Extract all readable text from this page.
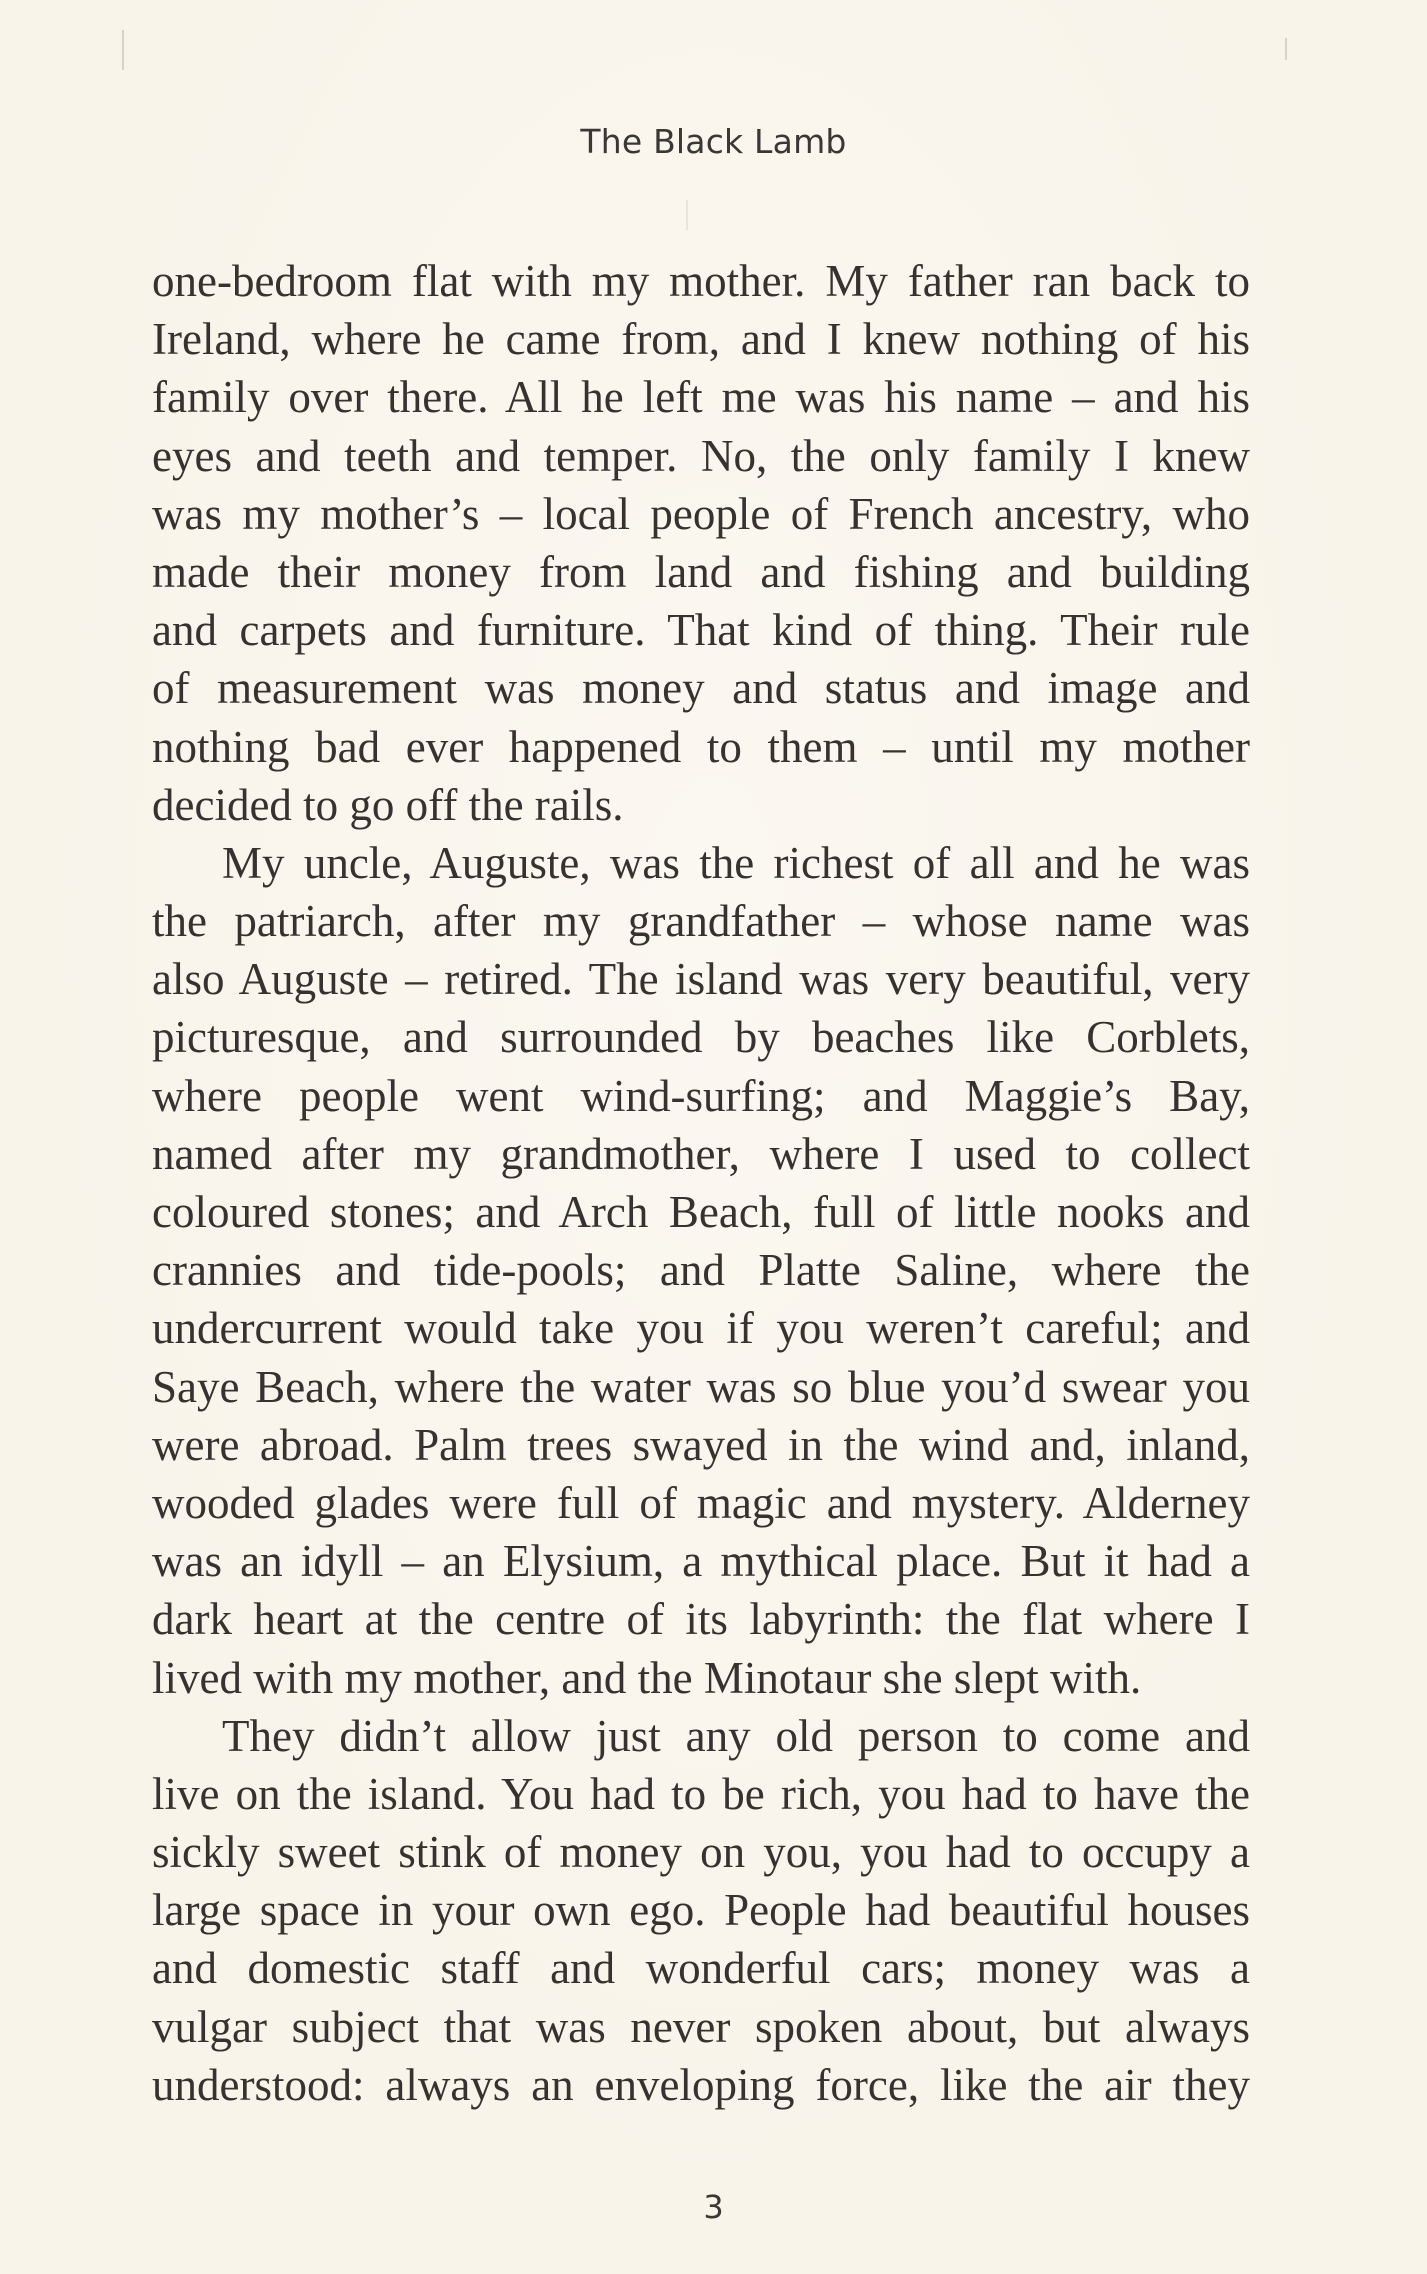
The Black Lamb
one-bedroom flat with my mother. My father ran back to
Ireland, where he came from, and I knew nothing of his
family over there. All he left me was his name – and his
eyes and teeth and temper. No, the only family I knew
was my mother’s – local people of French ancestry, who
made their money from land and fishing and building
and carpets and furniture. That kind of thing. Their rule
of measurement was money and status and image and
nothing bad ever happened to them – until my mother
decided to go off the rails.
My uncle, Auguste, was the richest of all and he was
the patriarch, after my grandfather – whose name was
also Auguste – retired. The island was very beautiful, very
picturesque, and surrounded by beaches like Corblets,
where people went wind-surfing; and Maggie’s Bay,
named after my grandmother, where I used to collect
coloured stones; and Arch Beach, full of little nooks and
crannies and tide-pools; and Platte Saline, where the
undercurrent would take you if you weren’t careful; and
Saye Beach, where the water was so blue you’d swear you
were abroad. Palm trees swayed in the wind and, inland,
wooded glades were full of magic and mystery. Alderney
was an idyll – an Elysium, a mythical place. But it had a
dark heart at the centre of its labyrinth: the flat where I
lived with my mother, and the Minotaur she slept with.
They didn’t allow just any old person to come and
live on the island. You had to be rich, you had to have the
sickly sweet stink of money on you, you had to occupy a
large space in your own ego. People had beautiful houses
and domestic staff and wonderful cars; money was a
vulgar subject that was never spoken about, but always
understood: always an enveloping force, like the air they
3
